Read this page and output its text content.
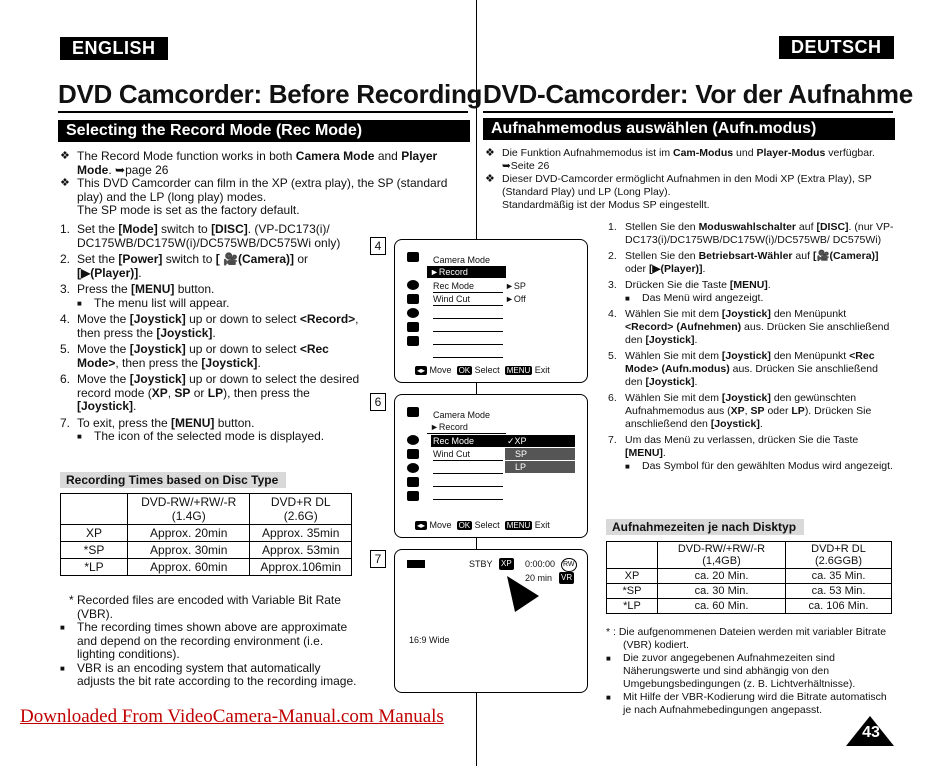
ENGLISH	DEUTSCH
DVD Camcorder: Before Recording DVD-Camcorder: Vor der Aufnahme
Selecting the Record Mode (Rec Mode)
❖ The Record Mode function works in both Camera Mode and Player Mode. ➥page 26
❖ This DVD Camcorder can film in the XP (extra play), the SP (standard play) and the LP (long play) modes.
The SP mode is set as the factory default.
1. Set the [Mode] switch to [DISC]. (VP-DC173(i)/ DC175WB/DC175W(i)/DC575WB/DC575Wi only)
2. Set the [Power] switch to [ 🎥(Camera)] or [▶(Player)].
3. Press the [MENU] button.
■ The menu list will appear.
4. Move the [Joystick] up or down to select <Record>, then press the [Joystick].
5. Move the [Joystick] up or down to select <Rec Mode>, then press the [Joystick].
6. Move the [Joystick] up or down to select the desired record mode (XP, SP or LP), then press the [Joystick].
7. To exit, press the [MENU] button.
■ The icon of the selected mode is displayed.
Recording Times based on Disc Type
	DVD-RW/+RW/-R (1.4G)	DVD+R DL (2.6G)
XP	Approx. 20min	Approx. 35min
*SP	Approx. 30min	Approx. 53min
*LP	Approx. 60min	Approx.106min
* Recorded files are encoded with Variable Bit Rate (VBR).
■ The recording times shown above are approximate and depend on the recording environment (i.e. lighting conditions).
■ VBR is an encoding system that automatically adjusts the bit rate according to the recording image.
4
Camera Mode
►Record
Rec Mode
Wind Cut
►SP
►Off
◂▸ Move OK Select MENU Exit
6
Camera Mode
►Record
Rec Mode
Wind Cut
✓XP
SP
LP
◂▸ Move OK Select MENU Exit
7	STBY XP 0:00:00 RW
20 min VR
16:9 Wide
Aufnahmemodus auswählen (Aufn.modus)
❖ Die Funktion Aufnahmemodus ist im Cam-Modus und Player-Modus verfügbar. ➥Seite 26
❖ Dieser DVD-Camcorder ermöglicht Aufnahmen in den Modi XP (Extra Play), SP (Standard Play) und LP (Long Play).
Standardmäßig ist der Modus SP eingestellt.
1. Stellen Sie den Moduswahlschalter auf [DISC]. (nur VP-DC173(i)/DC175WB/DC175W(i)/DC575WB/ DC575Wi)
2. Stellen Sie den Betriebsart-Wähler auf [🎥(Camera)] oder [▶(Player)].
3. Drücken Sie die Taste [MENU].
■ Das Menü wird angezeigt.
4. Wählen Sie mit dem [Joystick] den Menüpunkt <Record> (Aufnehmen) aus. Drücken Sie anschließend den [Joystick].
5. Wählen Sie mit dem [Joystick] den Menüpunkt <Rec Mode> (Aufn.modus) aus. Drücken Sie anschließend den [Joystick].
6. Wählen Sie mit dem [Joystick] den gewünschten Aufnahmemodus aus (XP, SP oder LP). Drücken Sie anschließend den [Joystick].
7. Um das Menü zu verlassen, drücken Sie die Taste [MENU].
■ Das Symbol für den gewählten Modus wird angezeigt.
Aufnahmezeiten je nach Disktyp
	DVD-RW/+RW/-R (1,4GB)	DVD+R DL (2.6GGB)
XP	ca. 20 Min.	ca. 35 Min.
*SP	ca. 30 Min.	ca. 53 Min.
*LP	ca. 60 Min.	ca. 106 Min.
* : Die aufgenommenen Dateien werden mit variabler Bitrate (VBR) kodiert.
■ Die zuvor angegebenen Aufnahmezeiten sind Näherungswerte und sind abhängig von den Umgebungsbedingungen (z. B. Lichtverhältnisse).
■ Mit Hilfe der VBR-Kodierung wird die Bitrate automatisch je nach Aufnahmebedingungen angepasst.
Downloaded From VideoCamera-Manual.com Manuals
43
